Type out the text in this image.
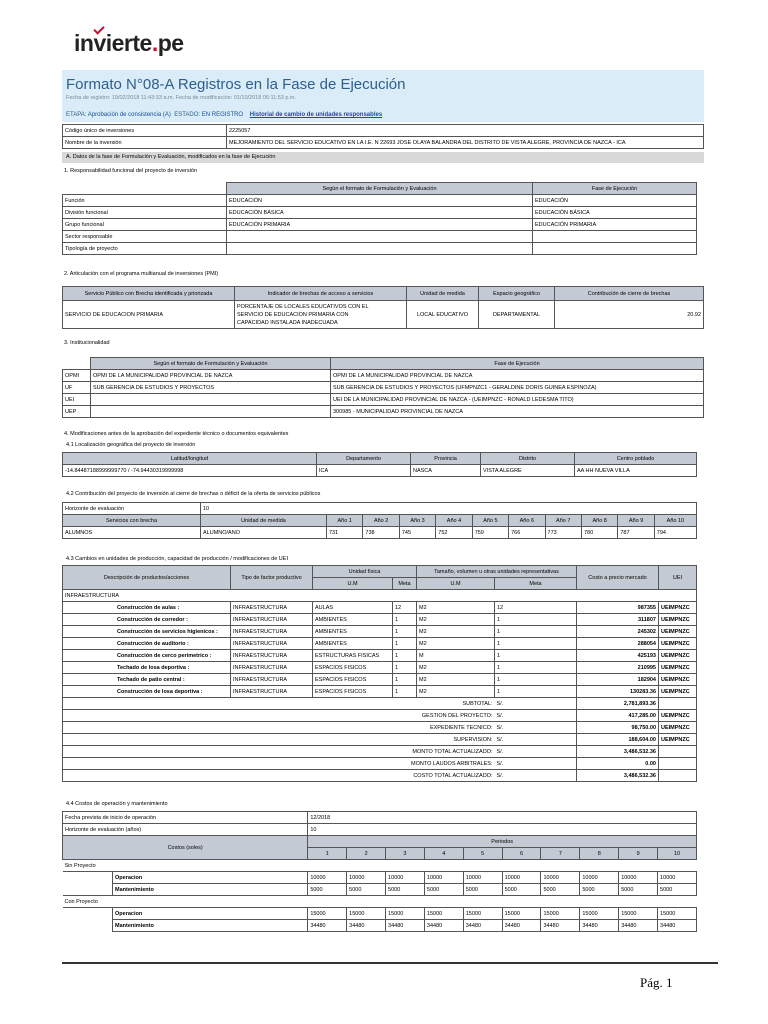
invierte.pe
Formato N°08-A Registros en la Fase de Ejecución
Fecha de registro: 19/02/2018 11:43:33 a.m. Fecha de modificación: 01/10/2018 06:11:53 p.m.
ETAPA: Aprobación de consistencia (A) ESTADO: EN REGISTRO Historial de cambio de unidades responsables
Código único de inversiones	2225057
Nombre de la inversión	MEJORAMIENTO DEL SERVICIO EDUCATIVO EN LA I.E. N 22693 JOSE OLAYA BALANDRA DEL DISTRITO DE VISTA ALEGRE, PROVINCIA DE NAZCA - ICA
A. Datos de la fase de Formulación y Evaluación, modificados en la fase de Ejecución
1. Responsabilidad funcional del proyecto de inversión
	Según el formato de Formulación y Evaluación	Fase de Ejecución
Función	EDUCACIÓN	EDUCACIÓN
División funcional	EDUCACIÓN BÁSICA	EDUCACIÓN BÁSICA
Grupo funcional	EDUCACIÓN PRIMARIA	EDUCACIÓN PRIMARIA
Sector responsable		
Tipología de proyecto		
2. Articulación con el programa multianual de inversiones (PMI)
Servicio Público con Brecha identificada y priorizada	Indicador de brechas de acceso a servicios	Unidad de medida	Espacio geográfico	Contribución de cierre de brechas
SERVICIO DE EDUCACION PRIMARIA	PORCENTAJE DE LOCALES EDUCATIVOS CON EL
SERVICIO DE EDUCACION PRIMARIA CON
CAPACIDAD INSTALADA INADECUADA	LOCAL EDUCATIVO	DEPARTAMENTAL	20.92
3. Institucionalidad
	Según el formato de Formulación y Evaluación	Fase de Ejecución
OPMI	OPMI DE LA MUNICIPALIDAD PROVINCIAL DE NAZCA	OPMI DE LA MUNICIPALIDAD PROVINCIAL DE NAZCA
UF	SUB GERENCIA DE ESTUDIOS Y PROYECTOS	SUB GERENCIA DE ESTUDIOS Y PROYECTOS (UFMPNZC1 - GERALDINE DORIS GUINEA ESPINOZA)
UEI		UEI DE LA MUNICIPALIDAD PROVINCIAL DE NAZCA - (UEIMPNZC - RONALD LEDESMA TITO)
UEP		300985 - MUNICIPALIDAD PROVINCIAL DE NAZCA
4. Modificaciones antes de la aprobación del expediente técnico o documentos equivalentes
4.1 Localización geográfica del proyecto de inversión
Latitud/longitud	Departamento	Provincia	Distrito	Centro poblado
-14.84487188999999770 / -74.94430319999998	ICA	NASCA	VISTA ALEGRE	AA HH NUEVA VILLA
4.2 Contribución del proyecto de inversión al cierre de brechas o déficit de la oferta de servicios públicos
Horizonte de evaluación	10										
Servicios con brecha	Unidad de medida	Año 1	Año 2	Año 3	Año 4	Año 5	Año 6	Año 7	Año 8	Año 9	Año 10
ALUMNOS	ALUMNO/ANO	731	738	745	752	759	766	773	780	787	794
4.3 Cambios en unidades de producción, capacidad de producción / modificaciones de UEI
Descripción de productos/acciones	Tipo de factor productivo	Unidad física		Tamaño, volumen u otras unidades representativas		Costo a precio mercado	UEI
		U.M	Meta	U.M	Meta		
INFRAESTRUCTURA							
Construcción de aulas :	INFRAESTRUCTURA	AULAS	12	M2	12	987355	UEIMPNZC
Construcción de corredor :	INFRAESTRUCTURA	AMBIENTES	1	M2	1	311807	UEIMPNZC
Construcción de servicios higienicos :	INFRAESTRUCTURA	AMBIENTES	1	M2	1	245302	UEIMPNZC
Construcción de auditorio :	INFRAESTRUCTURA	AMBIENTES	1	M2	1	288054	UEIMPNZC
Construcción de cerco perimetrico :	INFRAESTRUCTURA	ESTRUCTURAS FISICAS	1	M	1	425193	UEIMPNZC
Techado de losa deportiva :	INFRAESTRUCTURA	ESPACIOS FISICOS	1	M2	1	210995	UEIMPNZC
Techado de patio central :	INFRAESTRUCTURA	ESPACIOS FISICOS	1	M2	1	182904	UEIMPNZC
Construcción de losa deportiva :	INFRAESTRUCTURA	ESPACIOS FISICOS	1	M2	1	130283.36	UEIMPNZC
SUBTOTAL:					S/.	2,781,893.36	
GESTION DEL PROYECTO:					S/.	417,285.00	UEIMPNZC
EXPEDIENTE TECNICO:					S/.	98,750.00	UEIMPNZC
SUPERVISION:					S/.	188,604.00	UEIMPNZC
MONTO TOTAL ACTUALIZADO:					S/.	3,486,532.36	
MONTO LAUDOS ARBITRALES:					S/.	0.00	
COSTO TOTAL ACTUALIZADO:					S/.	3,486,532.36	
4.4 Costos de operación y mantenimiento
Fecha prevista de inicio de operación		12/2018									
Horizonte de evaluación (años)		10									
Costos (soles)		Periodos									
		1	2	3	4	5	6	7	8	9	10
Sin Proyecto											
	Operacion	10000	10000	10000	10000	10000	10000	10000	10000	10000	10000
	Mantenimiento	5000	5000	5000	5000	5000	5000	5000	5000	5000	5000
Con Proyecto											
	Operacion	15000	15000	15000	15000	15000	15000	15000	15000	15000	15000
	Mantenimiento	34480	34480	34480	34480	34480	34480	34480	34480	34480	34480
Pág. 1
